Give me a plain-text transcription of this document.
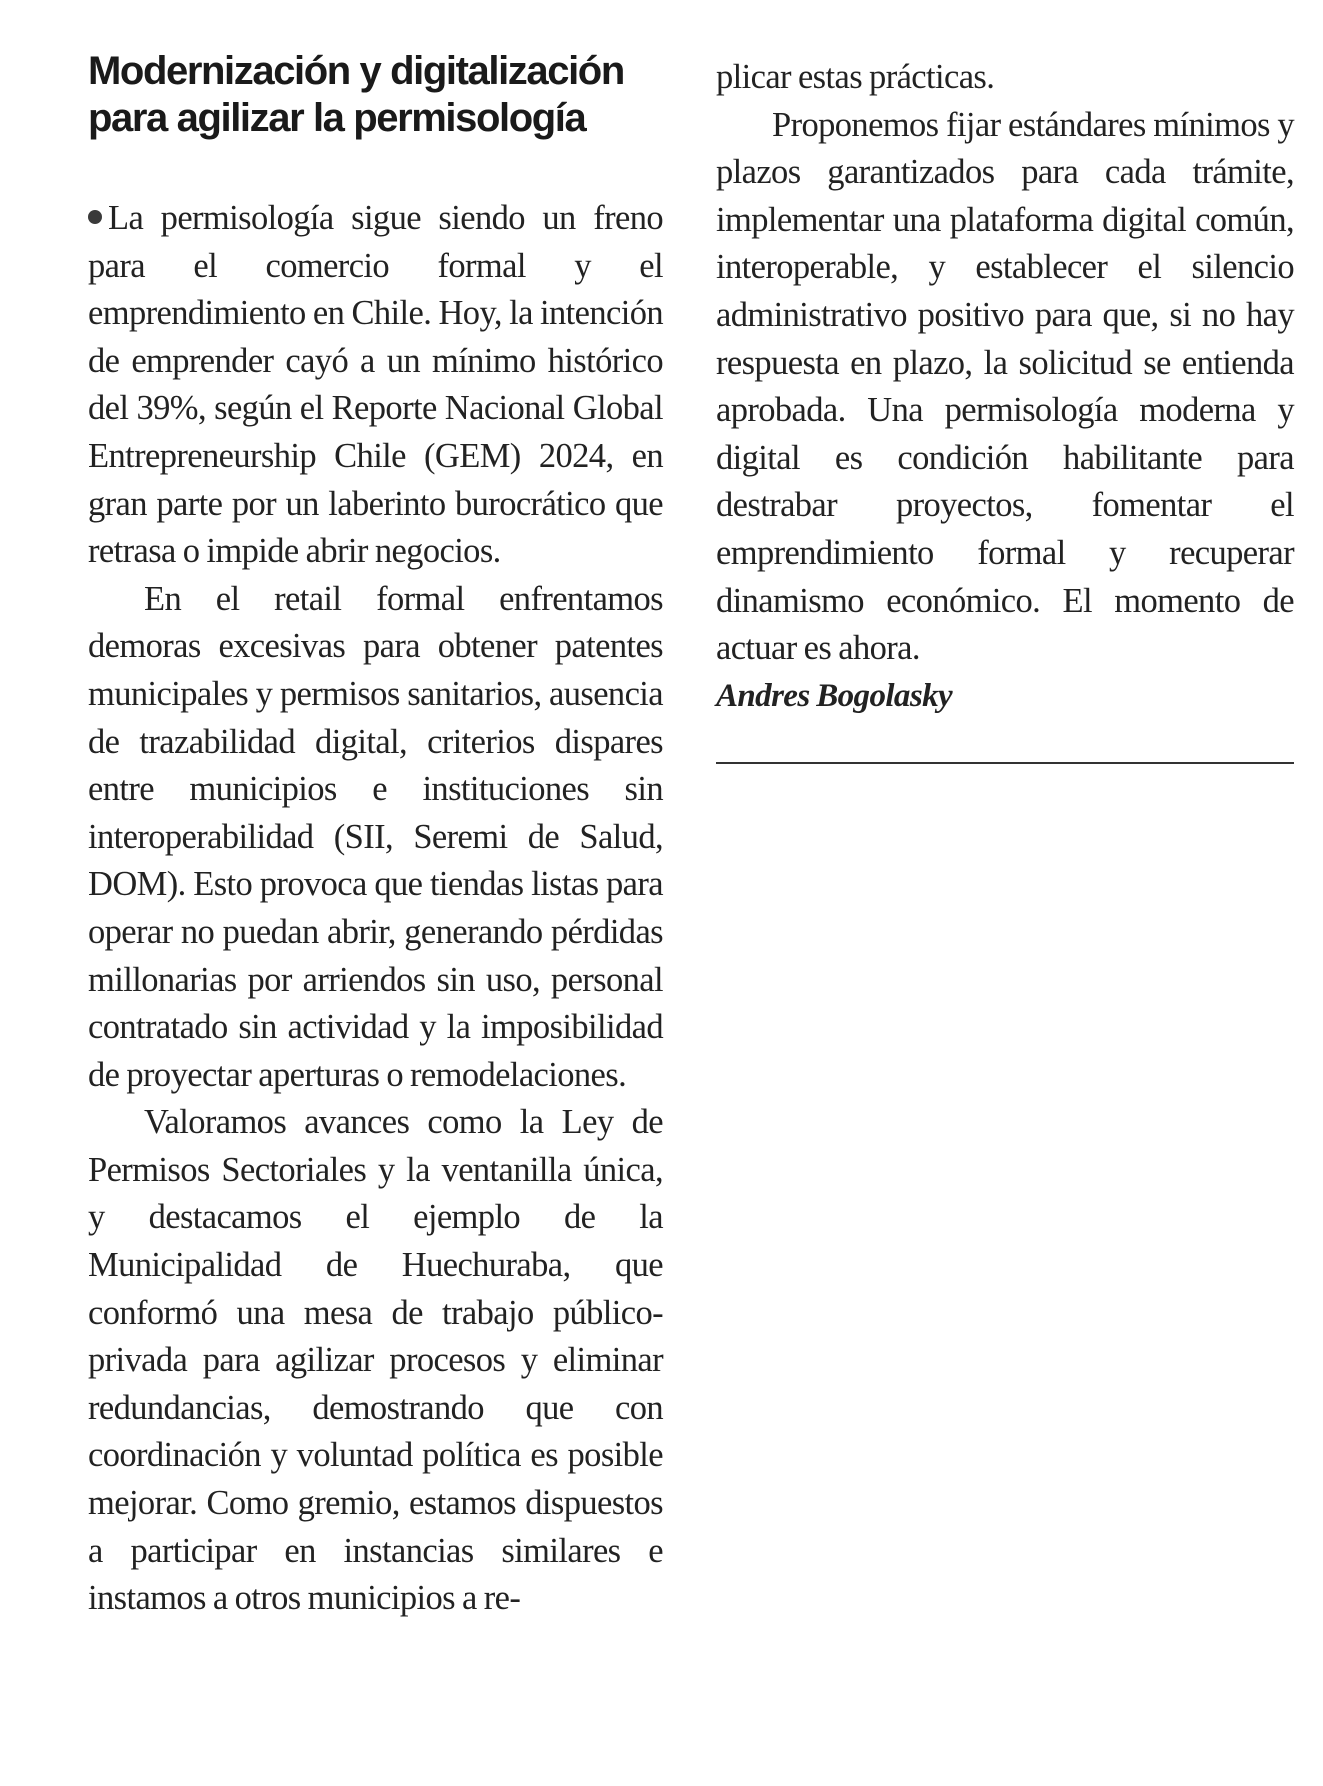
Modernización y digitalización para agilizar la permisología

La permisología sigue siendo un freno para el comercio formal y el emprendimiento en Chile. Hoy, la intención de emprender cayó a un mínimo histórico del 39%, según el Reporte Nacional Global Entrepreneurship Chile (GEM) 2024, en gran parte por un laberinto burocrático que retrasa o impide abrir negocios.

En el retail formal enfrentamos demoras excesivas para obtener patentes municipales y permisos sanitarios, ausencia de trazabilidad digital, criterios dispares entre municipios e instituciones sin interoperabilidad (SII, Seremi de Salud, DOM). Esto provoca que tiendas listas para operar no puedan abrir, generando pérdidas millonarias por arriendos sin uso, personal contratado sin actividad y la imposibilidad de proyectar aperturas o remodelaciones.

Valoramos avances como la Ley de Permisos Sectoriales y la ventanilla única, y destacamos el ejemplo de la Municipalidad de Huechuraba, que conformó una mesa de trabajo público-privada para agilizar procesos y eliminar redundancias, demostrando que con coordinación y voluntad política es posible mejorar. Como gremio, estamos dispuestos a participar en instancias similares e instamos a otros municipios a re-

plicar estas prácticas.

Proponemos fijar estándares mínimos y plazos garantizados para cada trámite, implementar una plataforma digital común, interoperable, y establecer el silencio administrativo positivo para que, si no hay respuesta en plazo, la solicitud se entienda aprobada. Una permisología moderna y digital es condición habilitante para destrabar proyectos, fomentar el emprendimiento formal y recuperar dinamismo económico. El momento de actuar es ahora.

Andres Bogolasky
